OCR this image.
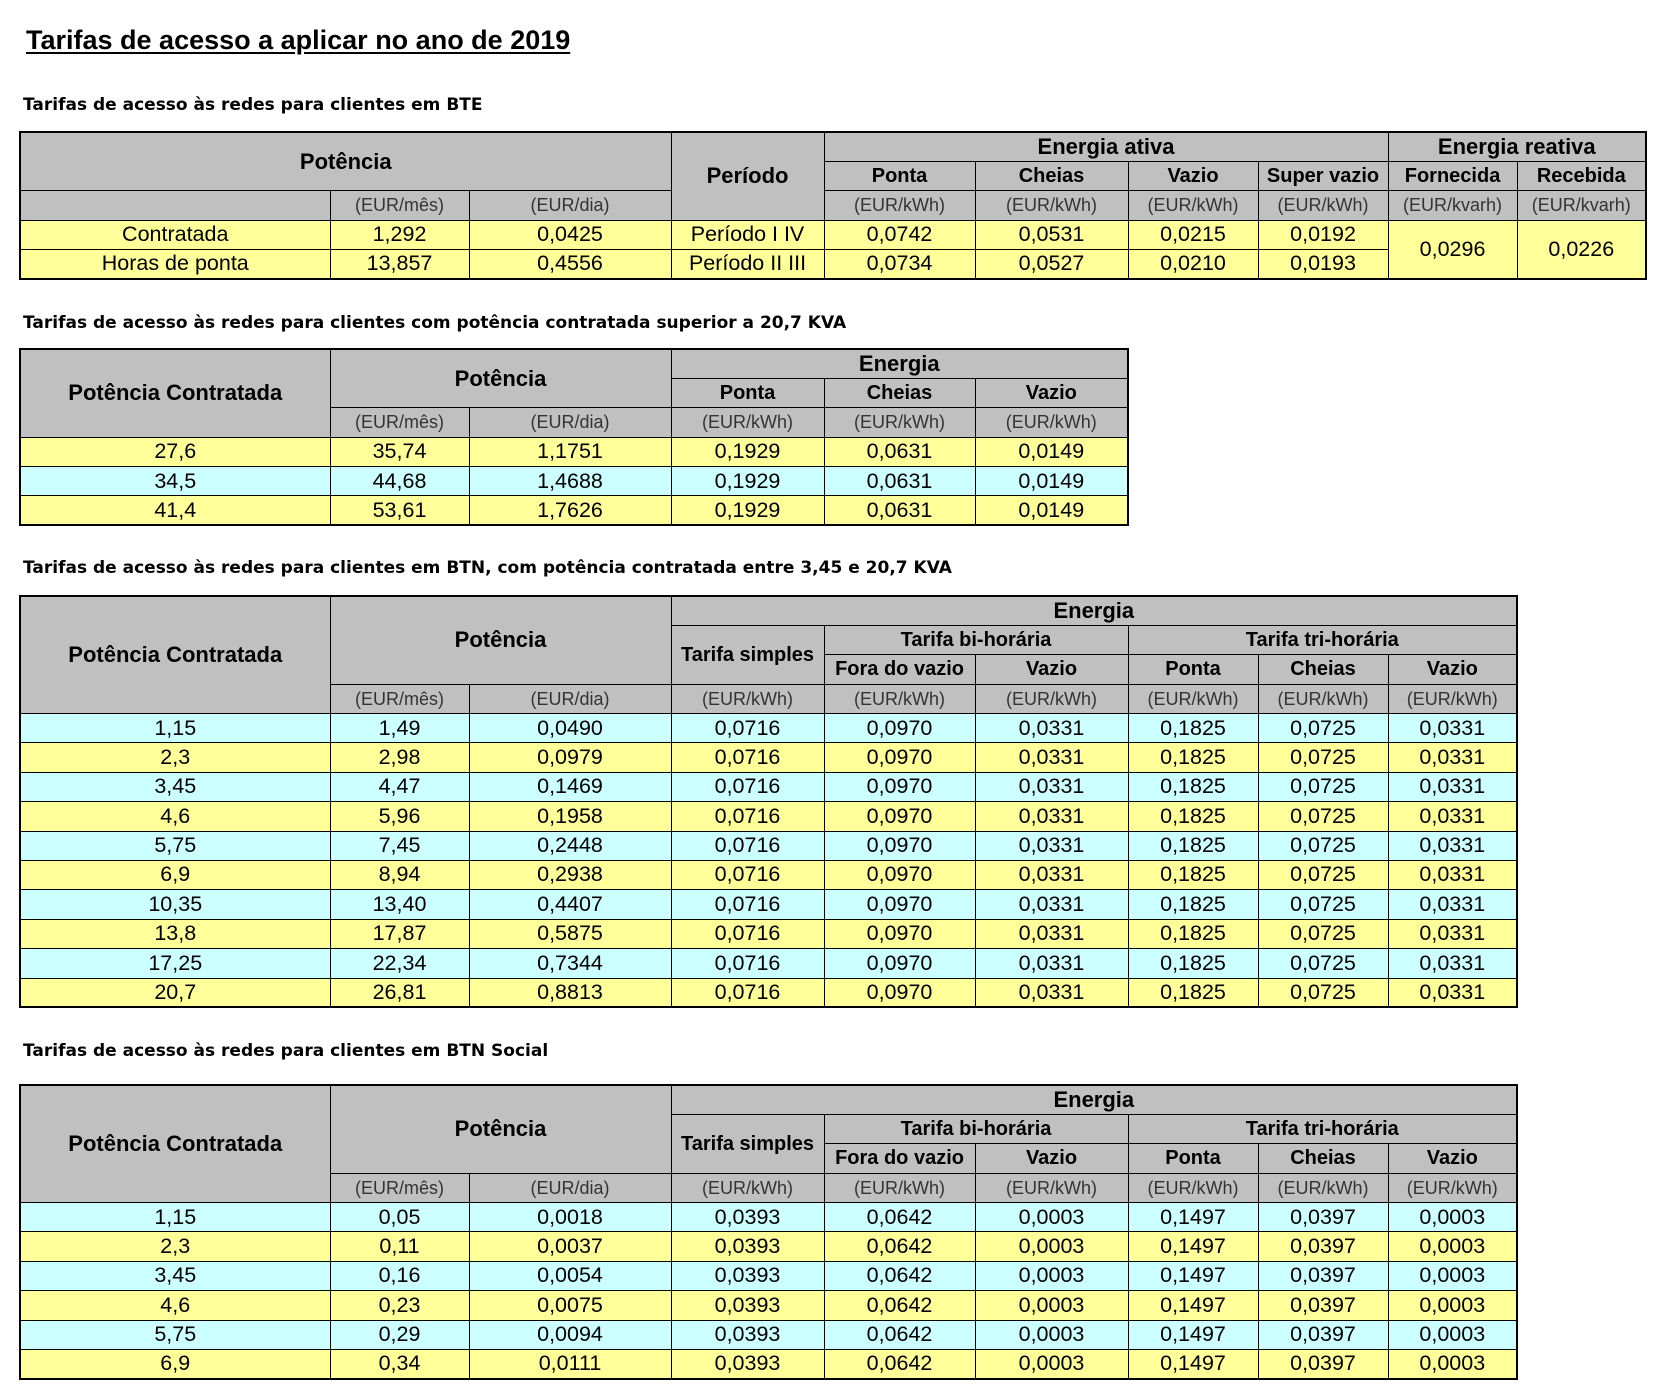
Tarifas de acesso a aplicar no ano de 2019

Tarifas de acesso às redes para clientes em BTE

Potência			Período	Energia ativa				Energia reativa	
				Ponta	Cheias	Vazio	Super vazio	Fornecida	Recebida
	(EUR/mês)	(EUR/dia)		(EUR/kWh)	(EUR/kWh)	(EUR/kWh)	(EUR/kWh)	(EUR/kvarh)	(EUR/kvarh)
Contratada	1,292	0,0425	Período I IV	0,0742	0,0531	0,0215	0,0192	0,0296	0,0226
Horas de ponta	13,857	0,4556	Período II III	0,0734	0,0527	0,0210	0,0193		

Tarifas de acesso às redes para clientes com potência contratada superior a 20,7 KVA

Potência Contratada	Potência		Energia		
			Ponta	Cheias	Vazio
	(EUR/mês)	(EUR/dia)	(EUR/kWh)	(EUR/kWh)	(EUR/kWh)
27,6	35,74	1,1751	0,1929	0,0631	0,0149
34,5	44,68	1,4688	0,1929	0,0631	0,0149
41,4	53,61	1,7626	0,1929	0,0631	0,0149

Tarifas de acesso às redes para clientes em BTN, com potência contratada entre 3,45 e 20,7 KVA

Potência Contratada	Potência		Energia					
			Tarifa simples	Tarifa bi-horária		Tarifa tri-horária		
				Fora do vazio	Vazio	Ponta	Cheias	Vazio
	(EUR/mês)	(EUR/dia)	(EUR/kWh)	(EUR/kWh)	(EUR/kWh)	(EUR/kWh)	(EUR/kWh)	(EUR/kWh)
1,15	1,49	0,0490	0,0716	0,0970	0,0331	0,1825	0,0725	0,0331
2,3	2,98	0,0979	0,0716	0,0970	0,0331	0,1825	0,0725	0,0331
3,45	4,47	0,1469	0,0716	0,0970	0,0331	0,1825	0,0725	0,0331
4,6	5,96	0,1958	0,0716	0,0970	0,0331	0,1825	0,0725	0,0331
5,75	7,45	0,2448	0,0716	0,0970	0,0331	0,1825	0,0725	0,0331
6,9	8,94	0,2938	0,0716	0,0970	0,0331	0,1825	0,0725	0,0331
10,35	13,40	0,4407	0,0716	0,0970	0,0331	0,1825	0,0725	0,0331
13,8	17,87	0,5875	0,0716	0,0970	0,0331	0,1825	0,0725	0,0331
17,25	22,34	0,7344	0,0716	0,0970	0,0331	0,1825	0,0725	0,0331
20,7	26,81	0,8813	0,0716	0,0970	0,0331	0,1825	0,0725	0,0331

Tarifas de acesso às redes para clientes em BTN Social

Potência Contratada	Potência		Energia					
			Tarifa simples	Tarifa bi-horária		Tarifa tri-horária		
				Fora do vazio	Vazio	Ponta	Cheias	Vazio
	(EUR/mês)	(EUR/dia)	(EUR/kWh)	(EUR/kWh)	(EUR/kWh)	(EUR/kWh)	(EUR/kWh)	(EUR/kWh)
1,15	0,05	0,0018	0,0393	0,0642	0,0003	0,1497	0,0397	0,0003
2,3	0,11	0,0037	0,0393	0,0642	0,0003	0,1497	0,0397	0,0003
3,45	0,16	0,0054	0,0393	0,0642	0,0003	0,1497	0,0397	0,0003
4,6	0,23	0,0075	0,0393	0,0642	0,0003	0,1497	0,0397	0,0003
5,75	0,29	0,0094	0,0393	0,0642	0,0003	0,1497	0,0397	0,0003
6,9	0,34	0,0111	0,0393	0,0642	0,0003	0,1497	0,0397	0,0003
